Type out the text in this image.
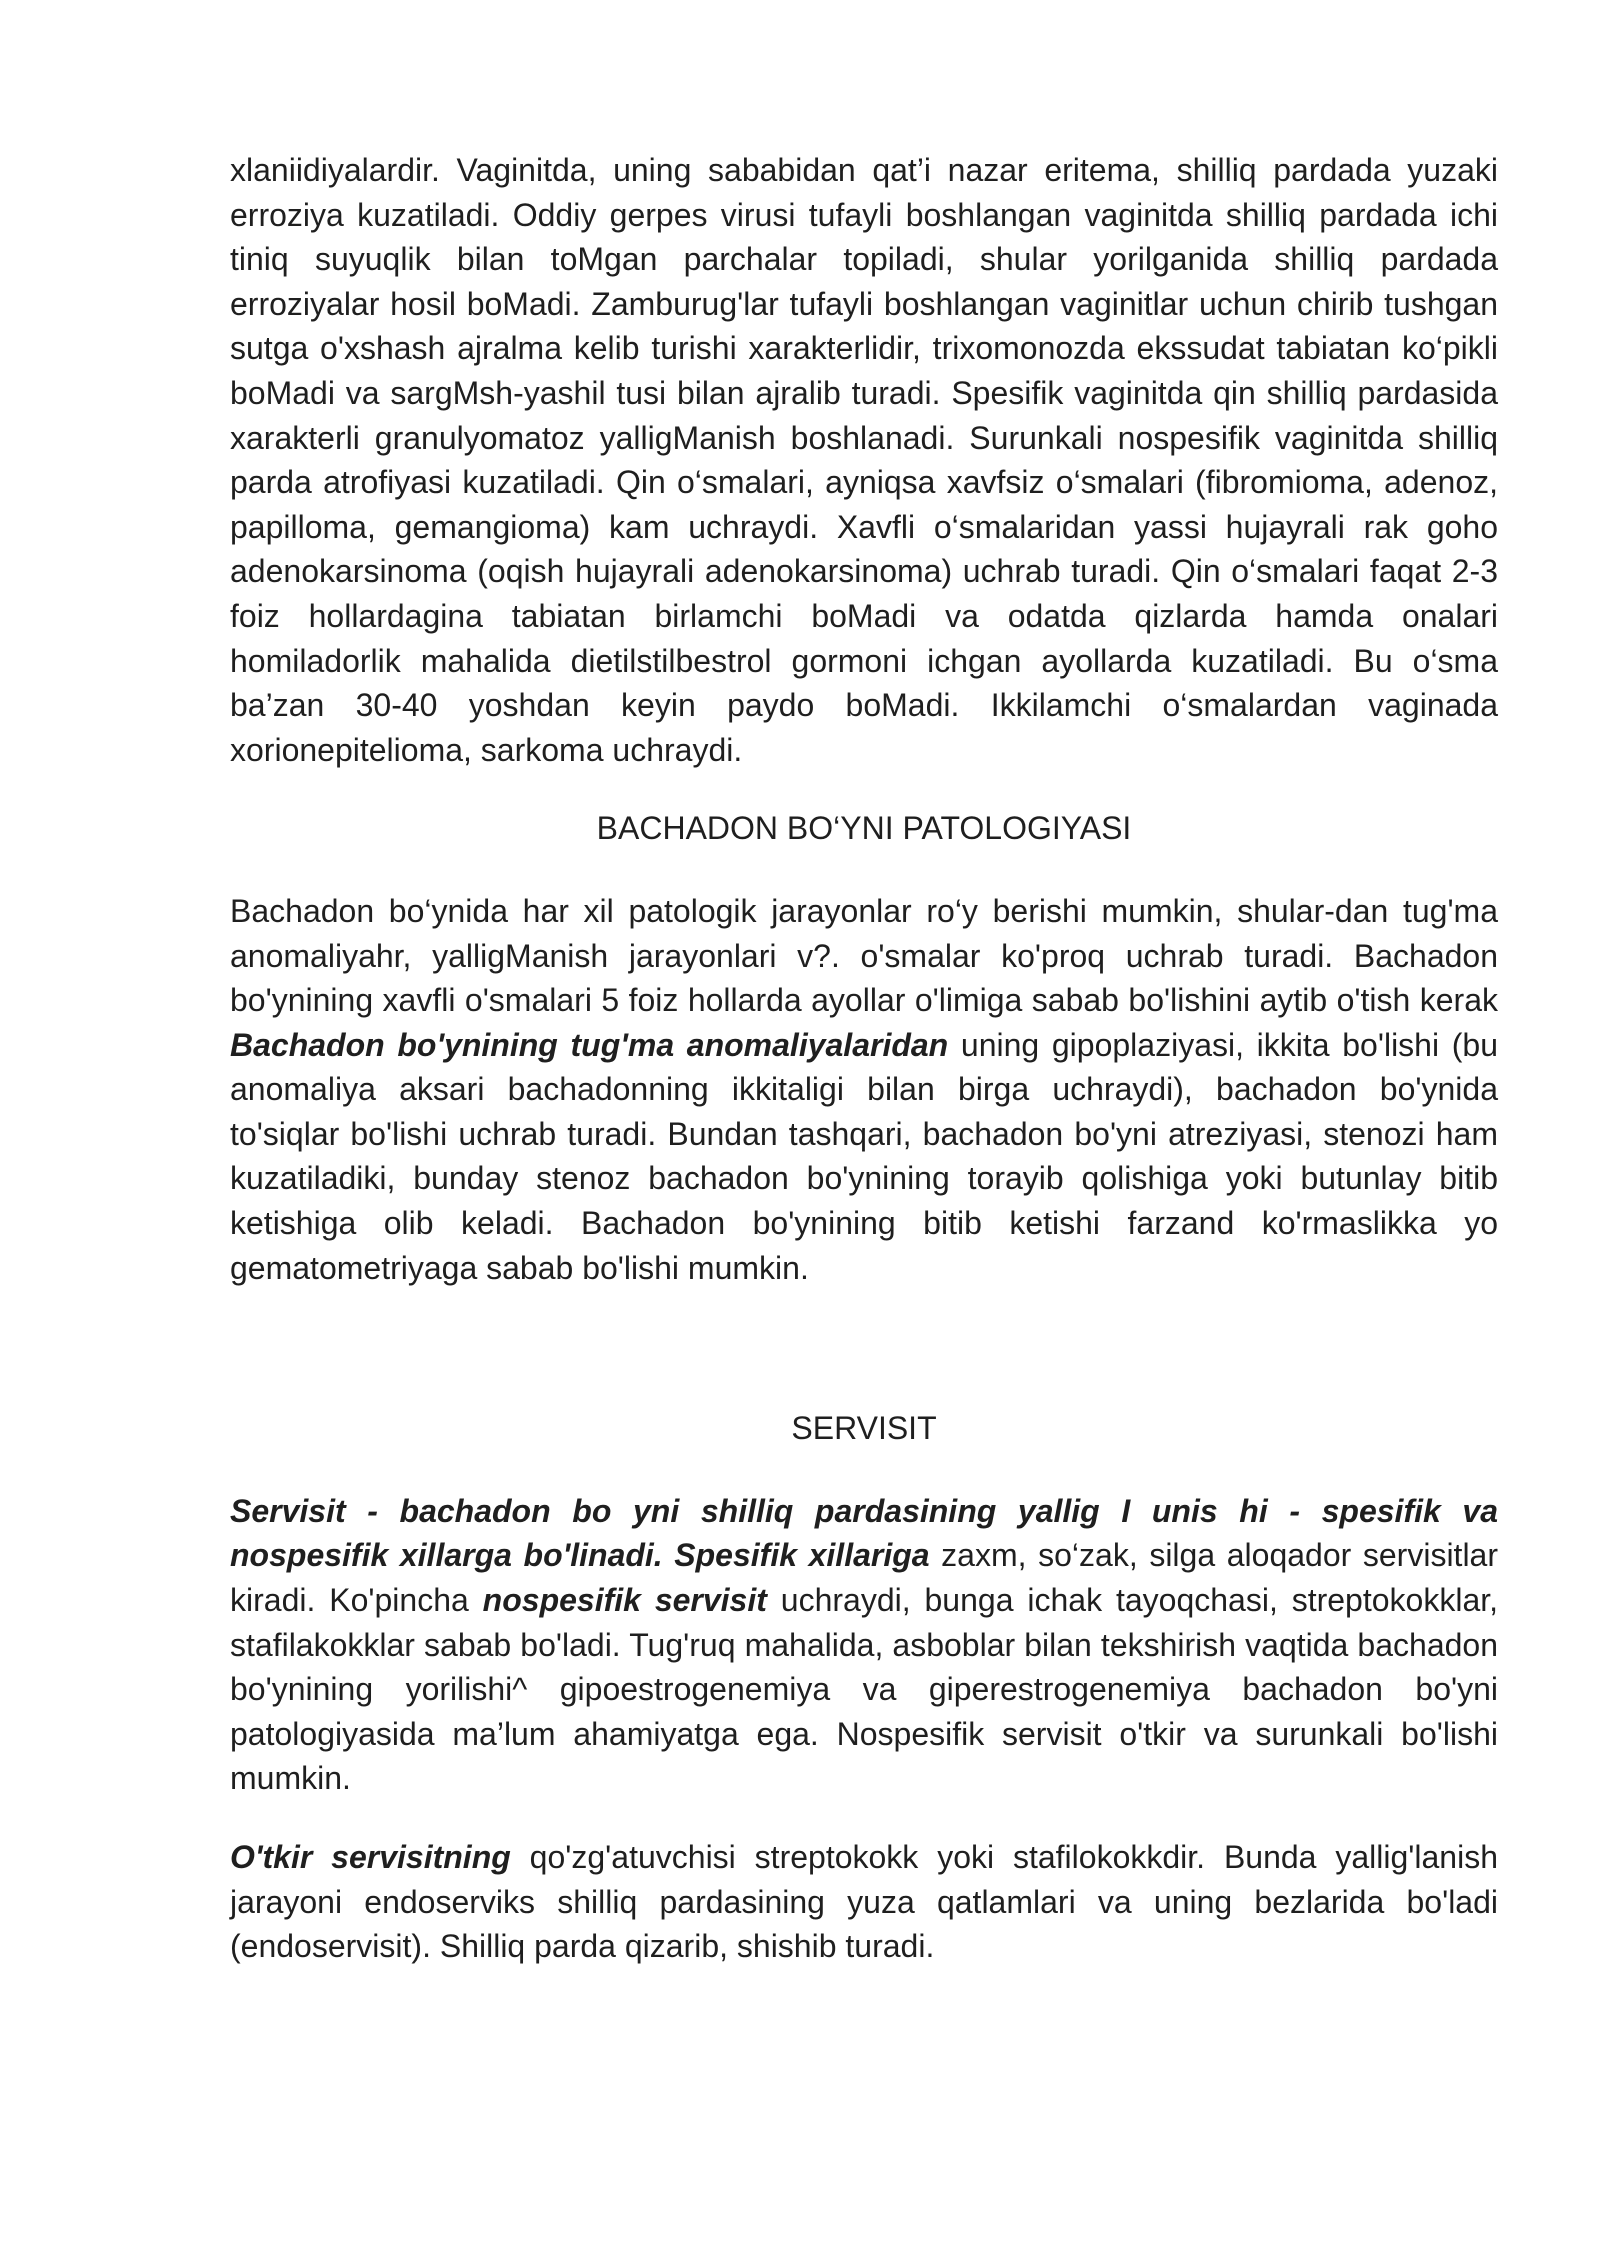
xlaniidiyalardir. Vaginitda, uning sababidan qat’i nazar eritema, shilliq pardada yuzaki erroziya kuzatiladi. Oddiy gerpes virusi tufayli boshlangan vaginitda shilliq pardada ichi tiniq suyuqlik bilan toMgan parchalar topiladi, shular yorilganida shilliq pardada erroziyalar hosil boMadi. Zamburug'lar tufayli boshlangan vaginitlar uchun chirib tushgan sutga o'xshash ajralma kelib turishi xarakterlidir, trixomonozda ekssudat tabiatan ko‘pikli boMadi va sargMsh-yashil tusi bilan ajralib turadi. Spesifik vaginitda qin shilliq pardasida xarakterli granulyomatoz yalligManish boshlanadi. Surunkali nospesifik vaginitda shilliq parda atrofiyasi kuzatiladi. Qin o‘smalari, ayniqsa xavfsiz o‘smalari (fibromioma, adenoz, papilloma, gemangioma) kam uchraydi. Xavfli o‘smalaridan yassi hujayrali rak goho adenokarsinoma (oqish hujayrali adenokarsinoma) uchrab turadi. Qin o‘smalari faqat 2-3 foiz hollardagina tabiatan birlamchi boMadi va odatda qizlarda hamda onalari homiladorlik mahalida dietilstilbestrol gormoni ichgan ayollarda kuzatiladi. Bu o‘sma ba’zan 30-40 yoshdan keyin paydo boMadi. Ikkilamchi o‘smalardan vaginada xorionepitelioma, sarkoma uchraydi.

BACHADON BO‘YNI PATOLOGIYASI

Bachadon bo‘ynida har xil patologik jarayonlar ro‘y berishi mumkin, shular-dan tug'ma anomaliyahr, yalligManish jarayonlari v?. o'smalar ko'proq uchrab turadi. Bachadon bo'ynining xavfli o'smalari 5 foiz hollarda ayollar o'limiga sabab bo'lishini aytib o'tish kerak Bachadon bo'ynining tug'ma anomaliyalaridan uning gipoplaziyasi, ikkita bo'lishi (bu anomaliya aksari bachadonning ikkitaligi bilan birga uchraydi), bachadon bo'ynida to'siqlar bo'lishi uchrab turadi. Bundan tashqari, bachadon bo'yni atreziyasi, stenozi ham kuzatiladiki, bunday stenoz bachadon bo'ynining torayib qolishiga yoki butunlay bitib ketishiga olib keladi. Bachadon bo'ynining bitib ketishi farzand ko'rmaslikka yo gematometriyaga sabab bo'lishi mumkin.

SERVISIT

Servisit - bachadon bo yni shilliq pardasining yallig I unis hi - spesifik va nospesifik xillarga bo'linadi. Spesifik xillariga zaxm, so‘zak, silga aloqador servisitlar kiradi. Ko'pincha nospesifik servisit uchraydi, bunga ichak tayoqchasi, streptokokklar, stafilakokklar sabab bo'ladi. Tug'ruq mahalida, asboblar bilan tekshirish vaqtida bachadon bo'ynining yorilishi^ gipoestrogenemiya va giperestrogenemiya bachadon bo'yni patologiyasida ma’lum ahamiyatga ega. Nospesifik servisit o'tkir va surunkali bo'lishi mumkin.

O'tkir servisitning qo'zg'atuvchisi streptokokk yoki stafilokokkdir. Bunda yallig'lanish jarayoni endoserviks shilliq pardasining yuza qatlamlari va uning bezlarida bo'ladi (endoservisit). Shilliq parda qizarib, shishib turadi.
